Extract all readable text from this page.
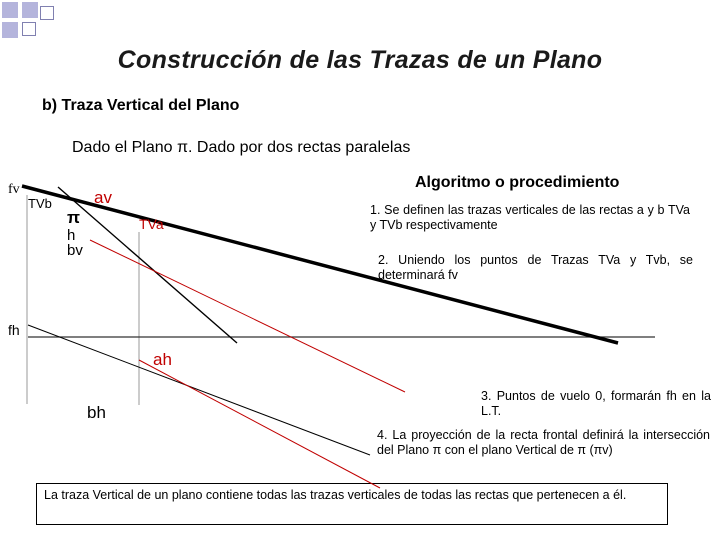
Construcción de las Trazas de un Plano
b) Traza Vertical del Plano
Dado el Plano π. Dado por dos rectas paralelas
Algoritmo o procedimiento
1. Se definen las trazas verticales de las rectas a y b TVa y TVb respectivamente
2. Uniendo los puntos de Trazas TVa y Tvb, se determinará fv
3. Puntos de vuelo 0, formarán fh en la L.T.
4. La proyección de la recta frontal definirá la intersección del Plano π con el plano Vertical de π (πv)
La traza Vertical de un plano contiene todas las trazas verticales de todas las rectas que pertenecen a él.
fv
TVb av
π
h
bv
TVa
fh
ah
bh
